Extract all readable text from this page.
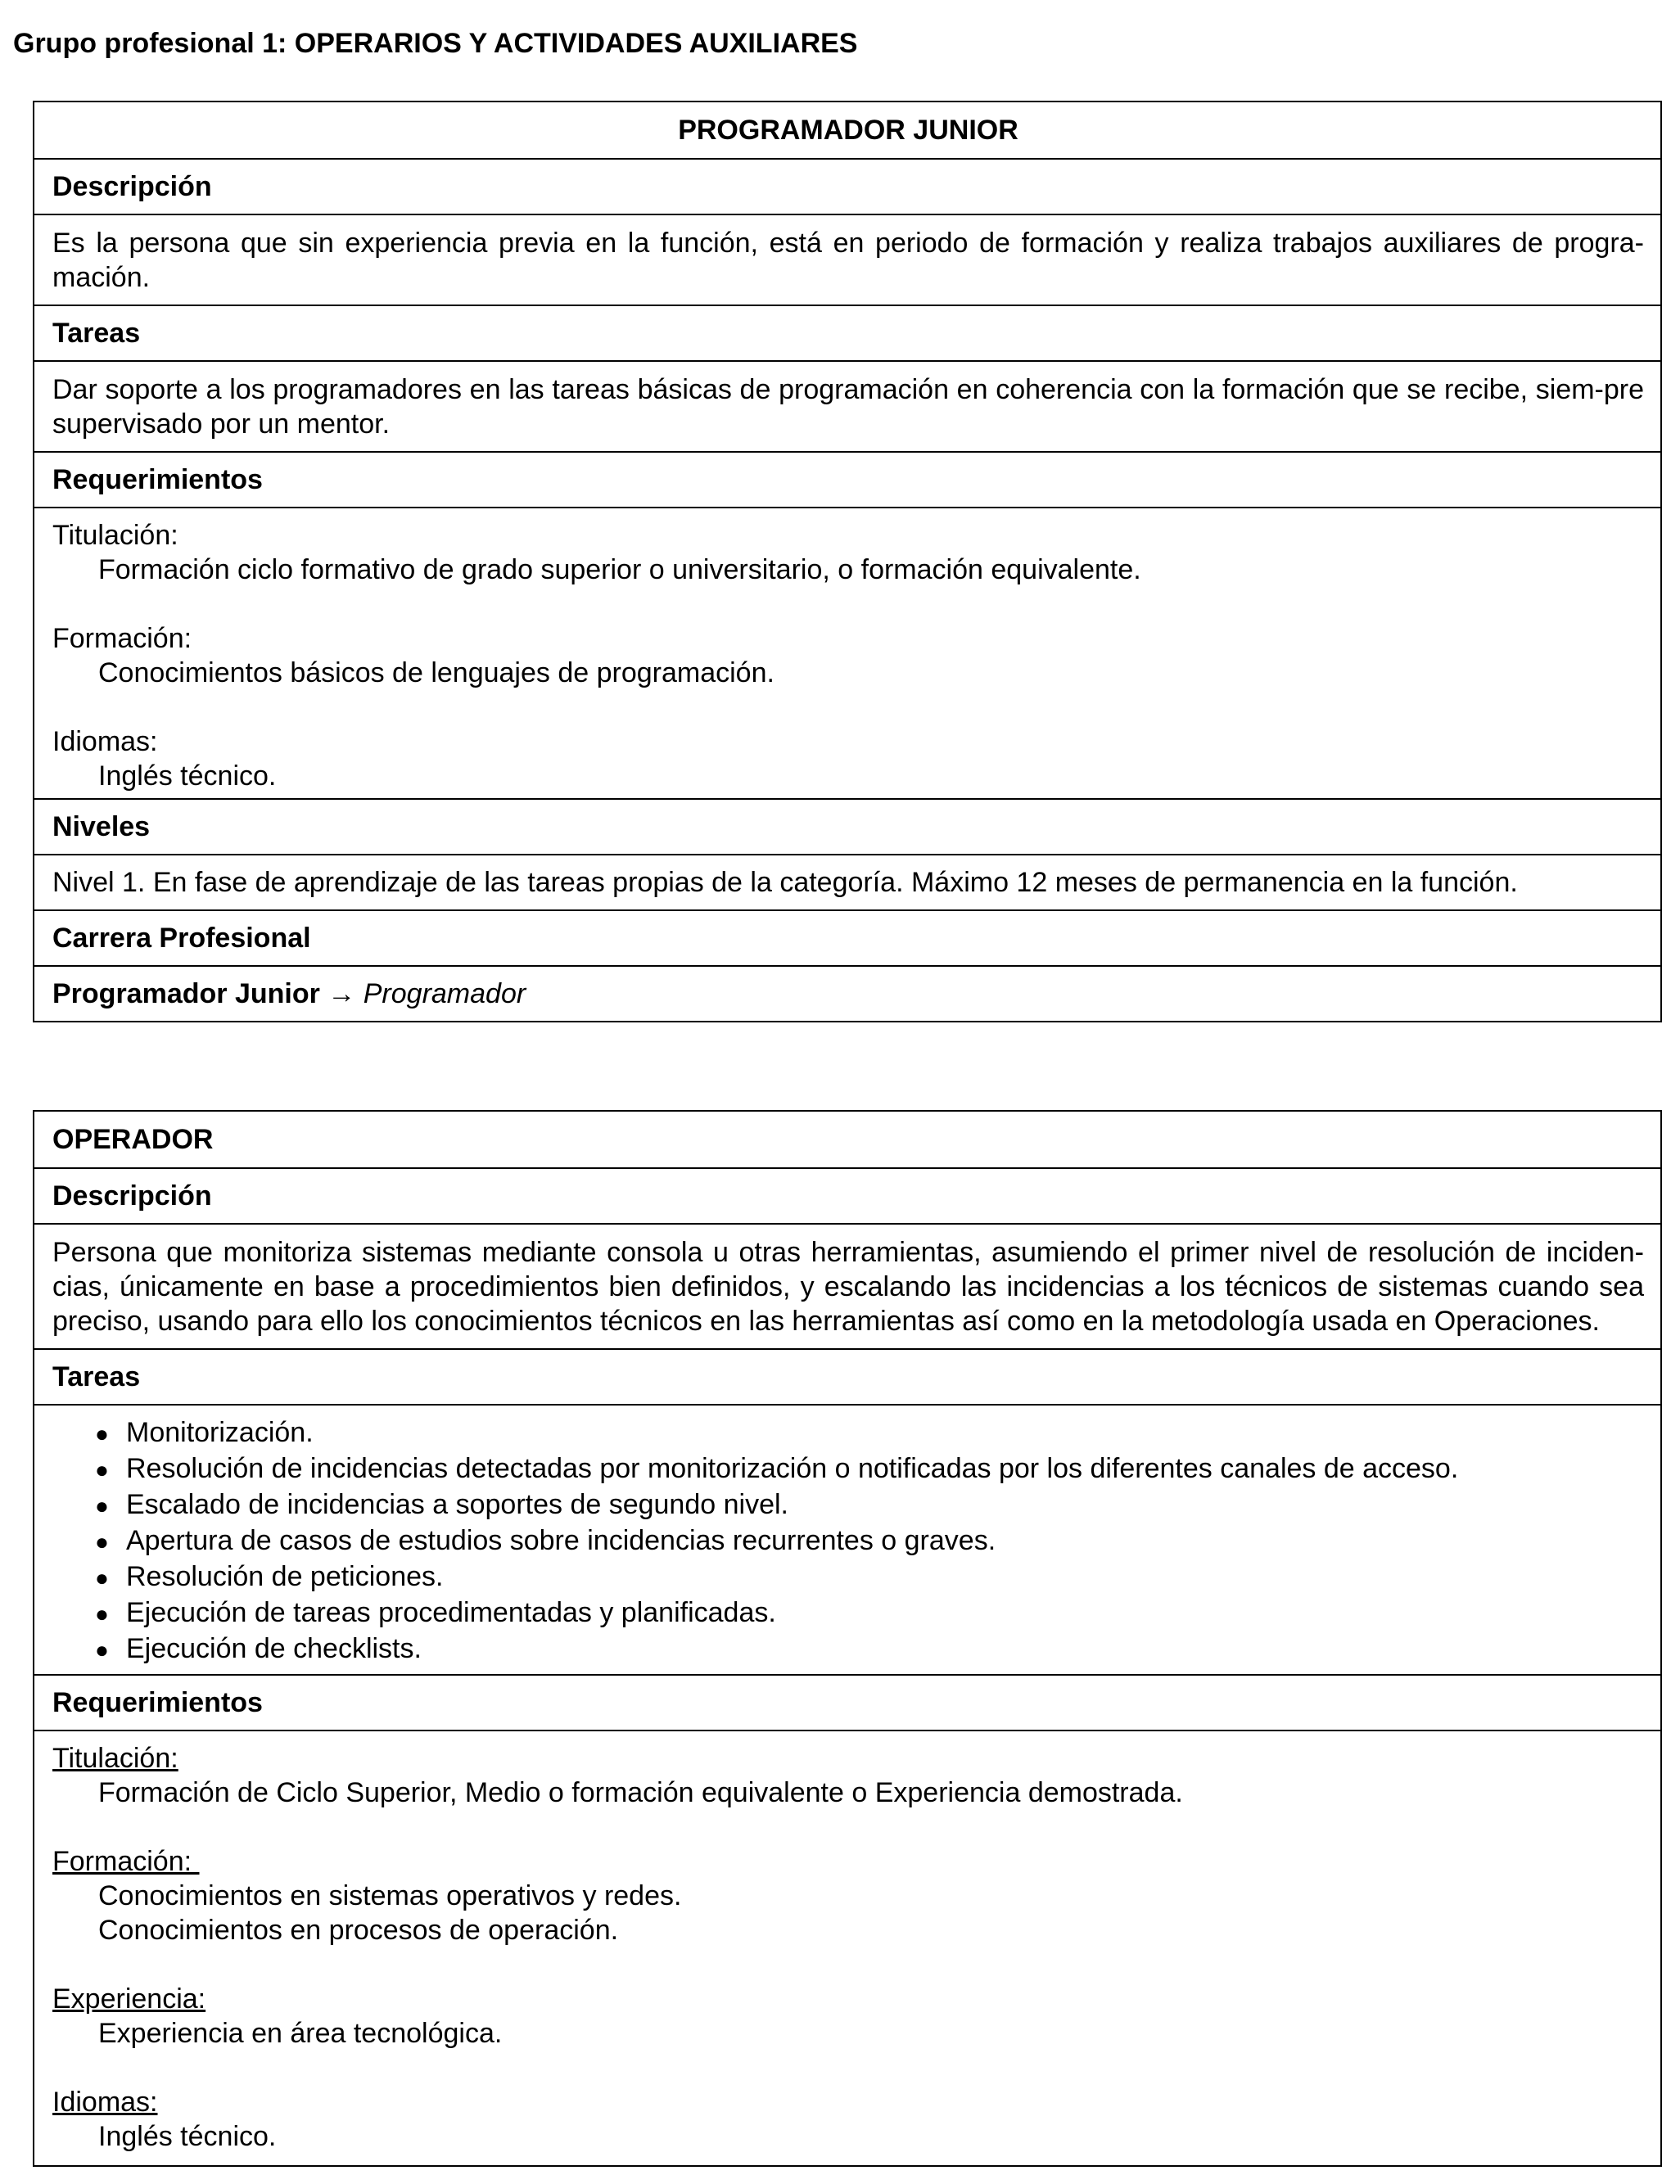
Grupo profesional 1: OPERARIOS Y ACTIVIDADES AUXILIARES
PROGRAMADOR JUNIOR
Descripción
Es la persona que sin experiencia previa en la función, está en periodo de formación y realiza trabajos auxiliares de progra-mación.
Tareas
Dar soporte a los programadores en las tareas básicas de programación en coherencia con la formación que se recibe, siem-pre supervisado por un mentor.
Requerimientos
Titulación:
Formación ciclo formativo de grado superior o universitario, o formación equivalente.
Formación:
Conocimientos básicos de lenguajes de programación.
Idiomas:
Inglés técnico.
Niveles
Nivel 1. En fase de aprendizaje de las tareas propias de la categoría. Máximo 12 meses de permanencia en la función.
Carrera Profesional
Programador Junior
→
Programador
OPERADOR
Descripción
Persona que monitoriza sistemas mediante consola u otras herramientas, asumiendo el primer nivel de resolución de inciden-cias, únicamente en base a procedimientos bien definidos, y escalando las incidencias a los técnicos de sistemas cuando sea preciso, usando para ello los conocimientos técnicos en las herramientas así como en la metodología usada en Operaciones.
Tareas
● Monitorización.
● Resolución de incidencias detectadas por monitorización o notificadas por los diferentes canales de acceso.
● Escalado de incidencias a soportes de segundo nivel.
● Apertura de casos de estudios sobre incidencias recurrentes o graves.
● Resolución de peticiones.
● Ejecución de tareas procedimentadas y planificadas.
● Ejecución de checklists.
Requerimientos
Titulación:
Formación de Ciclo Superior, Medio o formación equivalente o Experiencia demostrada.
Formación:
Conocimientos en sistemas operativos y redes.
Conocimientos en procesos de operación.
Experiencia:
Experiencia en área tecnológica.
Idiomas:
Inglés técnico.
